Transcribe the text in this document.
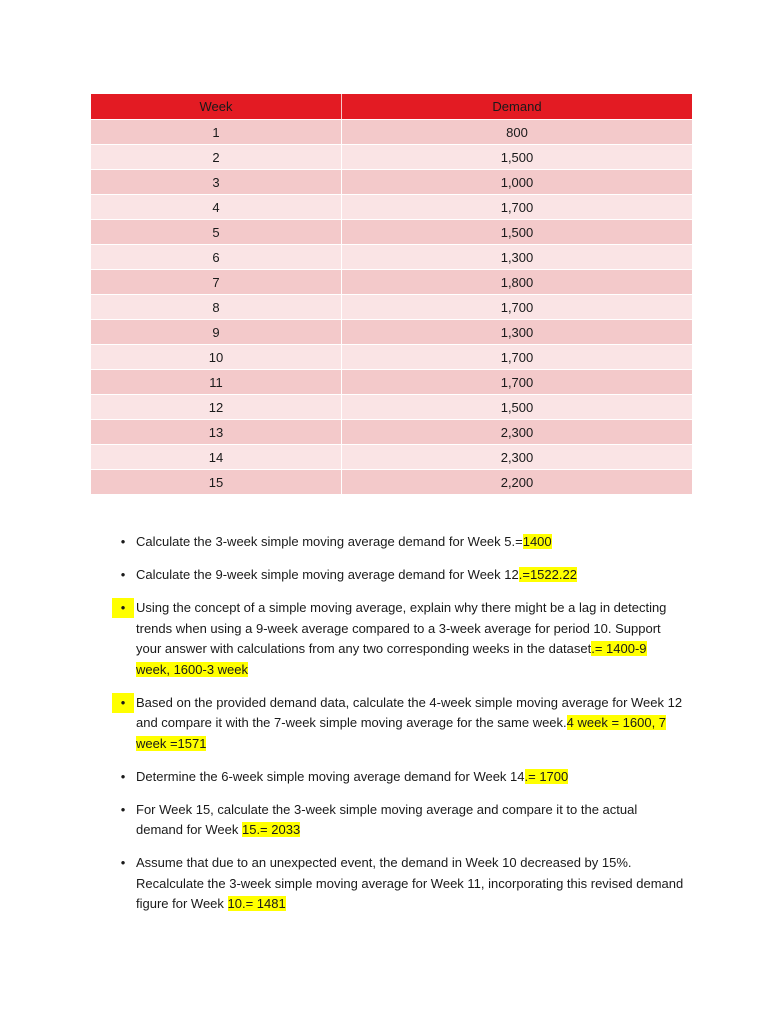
Week	Demand
1	800
2	1,500
3	1,000
4	1,700
5	1,500
6	1,300
7	1,800
8	1,700
9	1,300
10	1,700
11	1,700
12	1,500
13	2,300
14	2,300
15	2,200
• Calculate the 3-week simple moving average demand for Week 5.=1400
• Calculate the 9-week simple moving average demand for Week 12.=1522.22
• Using the concept of a simple moving average, explain why there might be a lag in detecting trends when using a 9-week average compared to a 3-week average for period 10. Support your answer with calculations from any two corresponding weeks in the dataset.= 1400-9 week, 1600-3 week
• Based on the provided demand data, calculate the 4-week simple moving average for Week 12 and compare it with the 7-week simple moving average for the same week.4 week = 1600, 7 week =1571
• Determine the 6-week simple moving average demand for Week 14.= 1700
• For Week 15, calculate the 3-week simple moving average and compare it to the actual demand for Week 15.= 2033
• Assume that due to an unexpected event, the demand in Week 10 decreased by 15%. Recalculate the 3-week simple moving average for Week 11, incorporating this revised demand figure for Week 10.= 1481
